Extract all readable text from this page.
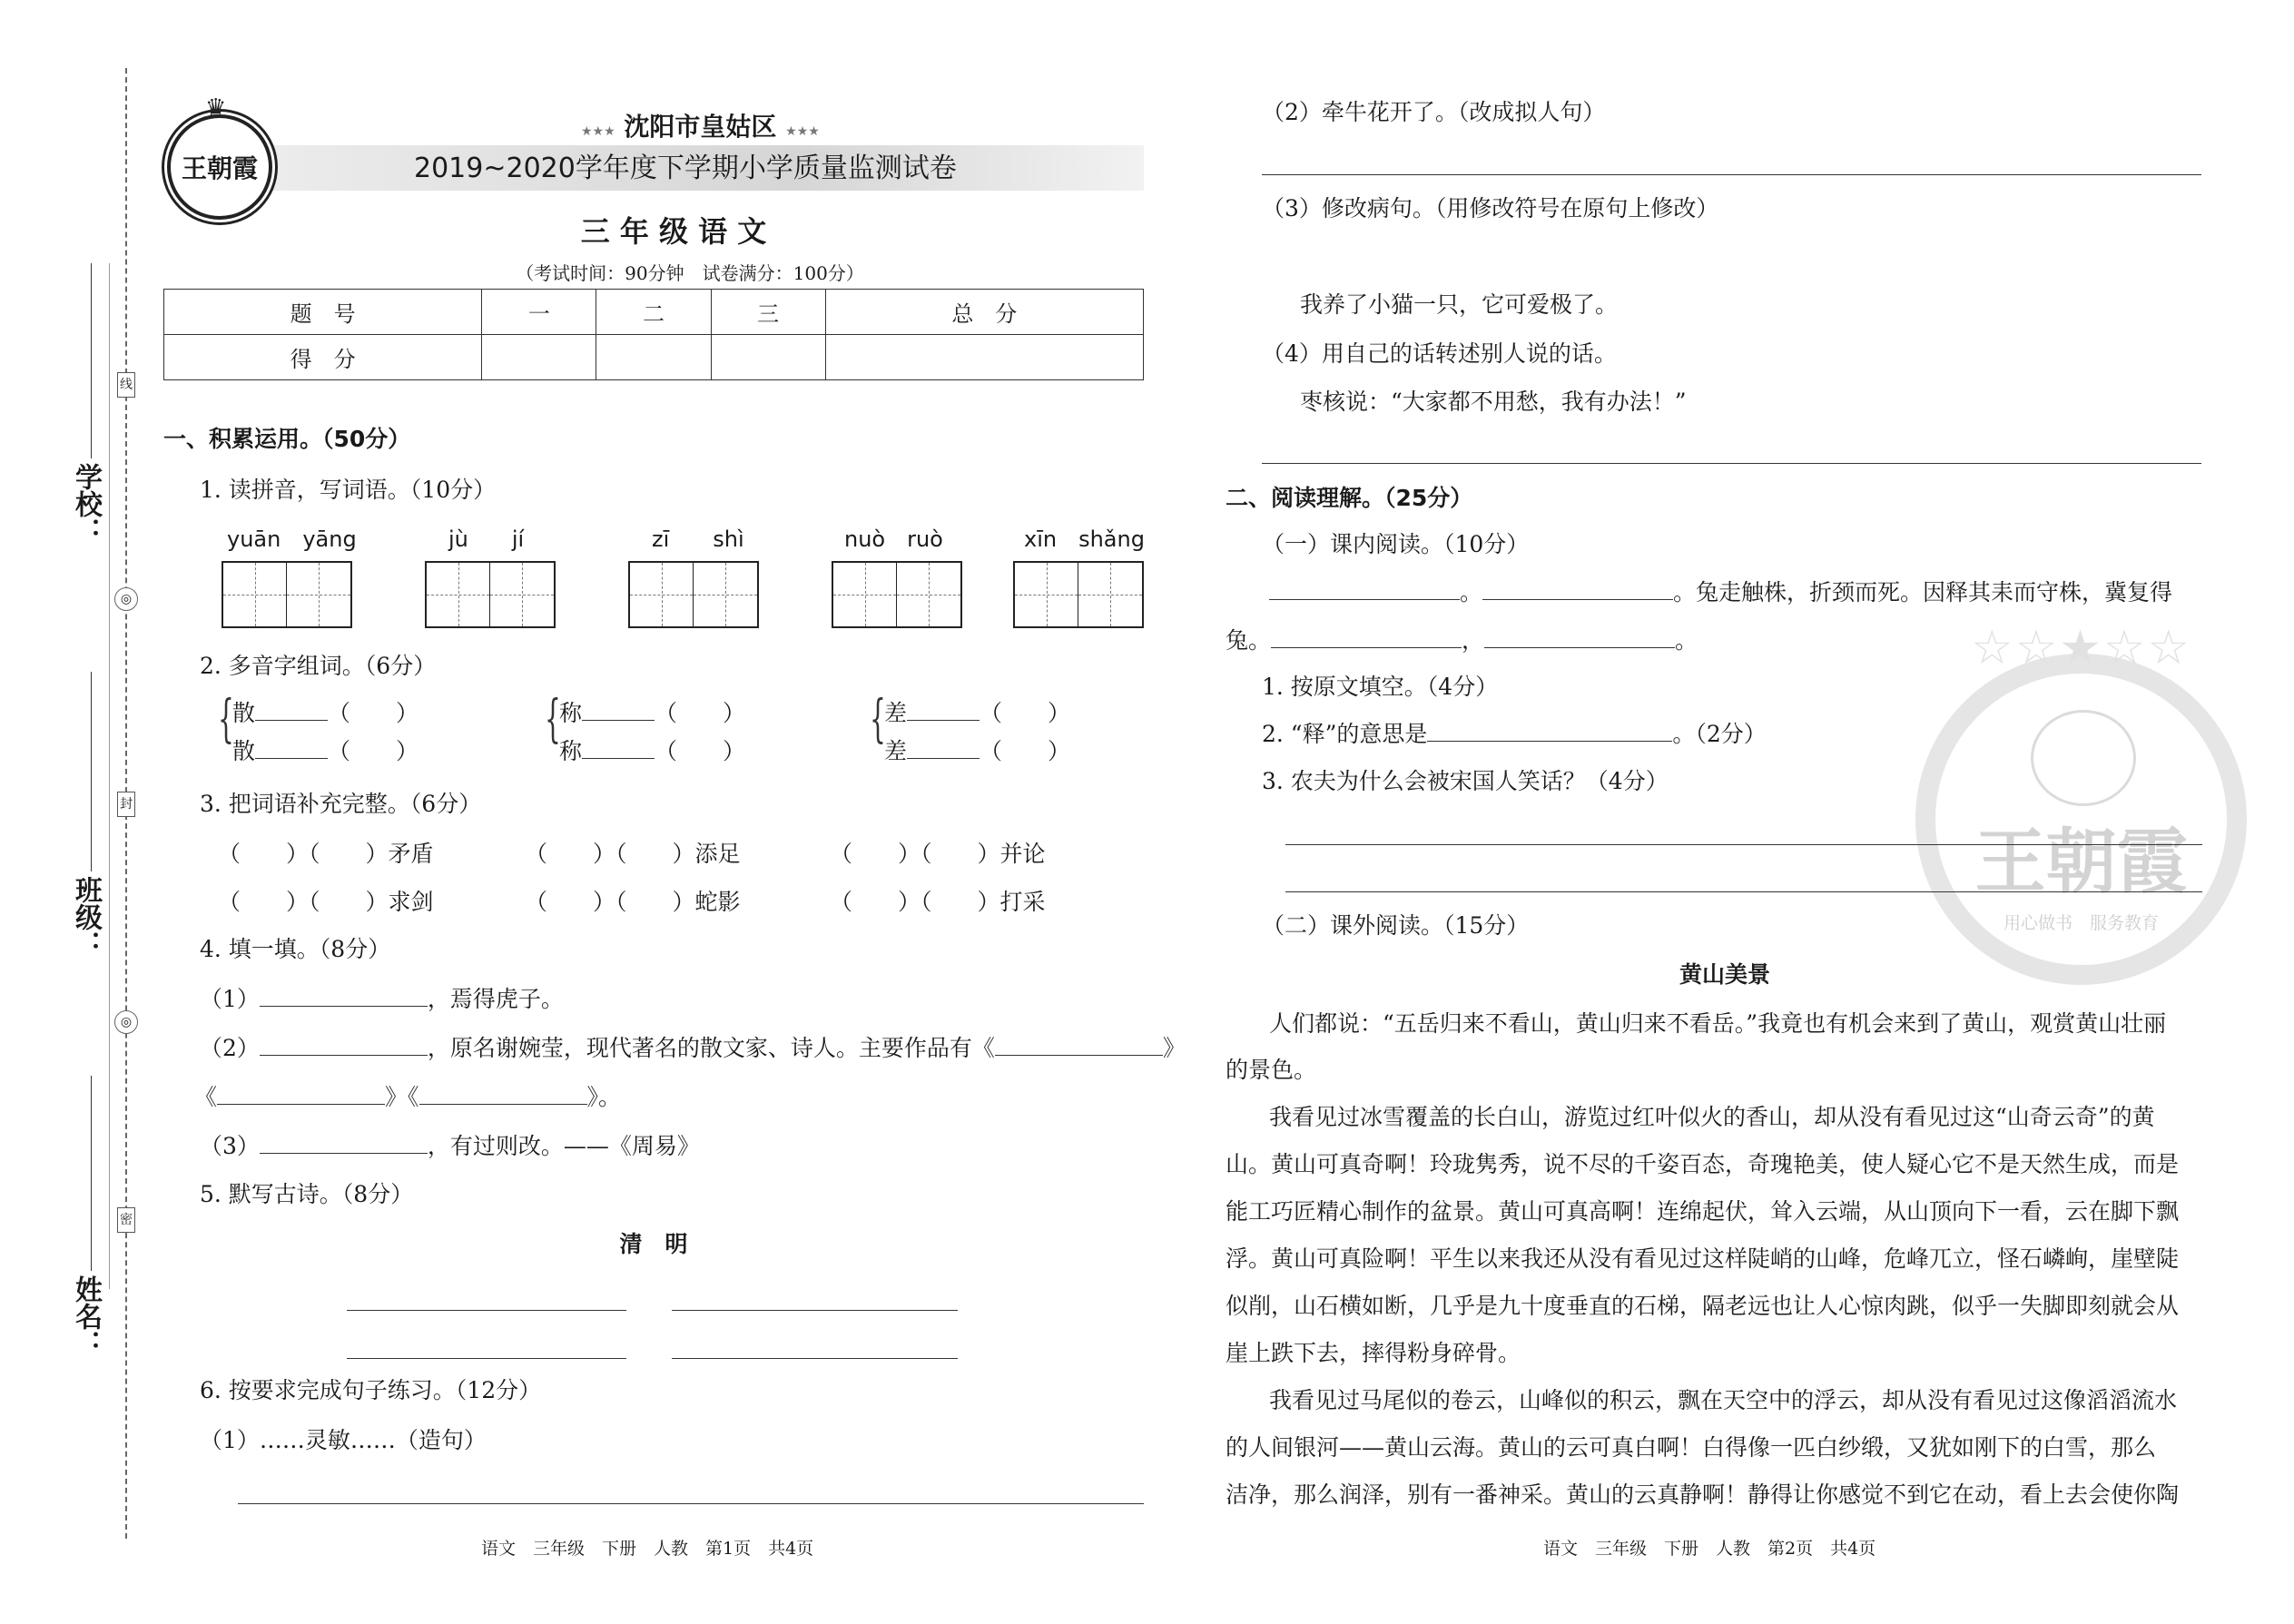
学校：
班级：
姓名：
线
封
密
◎
◎
♛
王朝霞
★★★ 沈阳市皇姑区 ★★★
2019~2020学年度下学期小学质量监测试卷
三 年 级 语 文
（考试时间：90分钟　试卷满分：100分）
题　号	一	二	三	总　分
得　分				
一、积累运用。（50分）
1. 读拼音，写词语。（10分）
yuān　yāng	jù　　jí	zī　　shì	nuò　ruò	xīn　shǎng
2. 多音字组词。（6分）
{
散	（　　）
散	（　　）
{
称	（　　）
称	（　　）
{
差	（　　）
差	（　　）
3. 把词语补充完整。（6分）
（　　）（　　）矛盾	（　　）（　　）添足	（　　）（　　）并论
（　　）（　　）求剑	（　　）（　　）蛇影	（　　）（　　）打采
4. 填一填。（8分）
（1）	，焉得虎子。
（2）	，原名谢婉莹，现代著名的散文家、诗人。主要作品有《	》
《	》《	》。
（3）	，有过则改。——《周易》
5. 默写古诗。（8分）
清　明
6. 按要求完成句子练习。（12分）
（1）……灵敏……（造句）
语文　三年级　下册　人教　第1页　共4页
☆☆★☆☆
王朝霞
用心做书　服务教育
（2）牵牛花开了。（改成拟人句）
（3）修改病句。（用修改符号在原句上修改）
我养了小猫一只，它可爱极了。
（4）用自己的话转述别人说的话。
枣核说：“大家都不用愁，我有办法！”
二、阅读理解。（25分）
（一）课内阅读。（10分）
。	。兔走触株，折颈而死。因释其耒而守株，冀复得
兔。	，	。
1. 按原文填空。（4分）
2. “释”的意思是	。（2分）
3. 农夫为什么会被宋国人笑话？（4分）
（二）课外阅读。（15分）
黄山美景
人们都说：“五岳归来不看山，黄山归来不看岳。”我竟也有机会来到了黄山，观赏黄山壮丽
的景色。
我看见过冰雪覆盖的长白山，游览过红叶似火的香山，却从没有看见过这“山奇云奇”的黄
山。黄山可真奇啊！玲珑隽秀，说不尽的千姿百态，奇瑰艳美，使人疑心它不是天然生成，而是
能工巧匠精心制作的盆景。黄山可真高啊！连绵起伏，耸入云端，从山顶向下一看，云在脚下飘
浮。黄山可真险啊！平生以来我还从没有看见过这样陡峭的山峰，危峰兀立，怪石嶙峋，崖壁陡
似削，山石横如断，几乎是九十度垂直的石梯，隔老远也让人心惊肉跳，似乎一失脚即刻就会从
崖上跌下去，摔得粉身碎骨。
我看见过马尾似的卷云，山峰似的积云，飘在天空中的浮云，却从没有看见过这像滔滔流水
的人间银河——黄山云海。黄山的云可真白啊！白得像一匹白纱缎，又犹如刚下的白雪，那么
洁净，那么润泽，别有一番神采。黄山的云真静啊！静得让你感觉不到它在动，看上去会使你陶
语文　三年级　下册　人教　第2页　共4页
